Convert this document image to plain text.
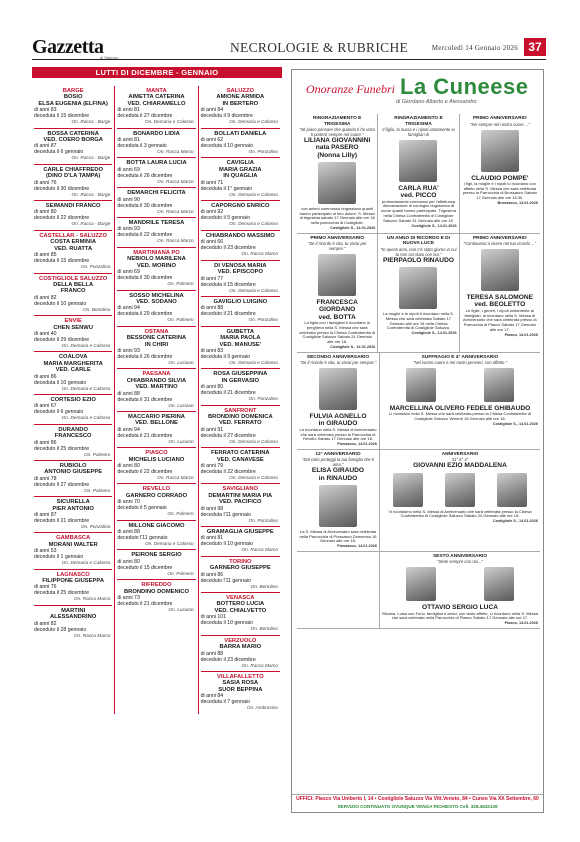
Gazzetta
di Saluzzo
NECROLOGIE & RUBRICHE	Mercoledì 14 Gennaio 2026 37
LUTTI DI DICEMBRE - GENNAIO
BARGE
BOSIO
ELSA EUGENIA (ELFINA)
di anni 83
deceduta il 15 dicembre
On. Racca - Barge
BOSSA CATERINA
VED. COERO BORGA
di anni 87
deceduta il 6 gennaio
On. Racca - Barge
CARLE CHIAFFREDO
(DINO D'LA TAMPA)
di anni 76
deceduto il 30 dicembre
On. Racca - Barge
SEIMANDI FRANCO
di anni 80
deceduto il 22 dicembre
On. Racca - Barge
CASTELLAR - SALUZZO
COSTA ERMINIA
VED. RUATTA
di anni 85
deceduta il 15 dicembre
On. Ponzalino
COSTIGLIOLE SALUZZO
DELLA BELLA
FRANCO
di anni 82
deceduto il 10 gennaio
On. Bertolino
ENVIE
CHEN SENWU
di anni 40
deceduto il 29 dicembre
On. Demaria e Calosso
COALOVA
MARIA MARGHERITA
VED. CARLE
di anni 86
deceduta il 10 gennaio
On. Demaria e Calosso
CORTESIO EZIO
di anni 67
deceduto il 6 gennaio
On. Demaria e Calosso
DURANDO
FRANCESCO
di anni 86
deceduto il 25 dicembre
On. Palmero
RUBIOLO
ANTONIO GIUSEPPE
di anni 78
deceduto il 27 dicembre
On. Palmero
SICURELLA
PIER ANTONIO
di anni 87
deceduto il 21 dicembre
On. Ponzalino
GAMBASCA
MORANI WALTER
di anni 53
deceduto il 1 gennaio
On. Demaria e Calosso
LAGNASCO
FILIPPONE GIUSEPPA
di anni 76
deceduta il 25 dicembre
On. Racca Marco
MARTINI
ALESSANDRINO
di anni 82
deceduto il 28 gennaio
On. Racca Marco
MANTA
AIMETTA CATERINA
VED. CHIARAMELLO
di anni 81
deceduta il 27 dicembre
On. Demaria e Calosso
BONARDO LIDIA
di anni 81
deceduta il 3 gennaio
On. Racca Marco
BOTTA LAURA LUCIA
di anni 69
deceduta il 26 dicembre
On. Racca Marco
DEMARCHI FELICITA
di anni 90
deceduta il 30 dicembre
On. Racca Marco
MANDRILE TERESA
di anni 93
deceduta il 22 dicembre
On. Racca Marco
MARTINIANA PO
NEBIOLO MARILENA
VED. MORINO
di anni 69
deceduta il 30 dicembre
On. Palmero
SOSSO MICHELINA
VED. SODANO
di anni 94
deceduta il 29 dicembre
On. Palmero
OSTANA
BESSONE CATERINA
IN CHIRI
di anni 93
deceduta il 26 dicembre
On. Luciano
PAESANA
CHIABRANDO SILVIA
VED. MARTINO
di anni 88
deceduta il 31 dicembre
On. Luciano
MACCARIO PIERINA
VED. BELLONE
di anni 94
deceduta il 21 dicembre
On. Luciano
PIASCO
MICHELIS LUCIANO
di anni 80
deceduto il 22 dicembre
On. Racca Marco
REVELLO
GARNERO CORRADO
di anni 70
deceduto il 5 gennaio
On. Palmero
MILLONE GIACOMO
di anni 88
deceduto l'11 gennaio
On. Demaria e Calosso
PEIRONE SERGIO
di anni 80
deceduto il 15 dicembre
On. Palmero
RIFREDDO
BRONDINO DOMENICO
di anni 73
deceduto il 21 dicembre
On. Luciano
SALUZZO
AMIONE ARMIDA
IN BERTERO
di anni 84
deceduta il 9 dicembre
On. Demaria e Calosso
BOLLATI DANIELA
di anni 62
deceduta il 10 gennaio
On. Ponzalino
CAVIGLIA
MARIA GRAZIA
IN QUAGLIA
di anni 71
deceduta il 1° gennaio
On. Demaria e Calosso
CAPORGNO ENRICO
di anni 92
deceduto il 5 gennaio
On. Demaria e Calosso
CHIABRANDO MASSIMO
di anni 66
deceduto il 23 dicembre
On. Racca Marco
DI VENOSA MARIA
VED. EPISCOPO
di anni 77
deceduta il 15 dicembre
On. Demaria e Calosso
GAVIGLIO LUIGINO
di anni 88
deceduto il 21 dicembre
On. Ponzalino
GUBETTA
MARIA PAOLA
VED. MANUSE'
di anni 83
deceduta il 9 gennaio
On. Demaria e Calosso
ROSA GIUSEPPINA
IN GERVASIO
di anni 80
deceduta il 21 dicembre
On. Ponzalino
SANFRONT
BRONDINO DOMENICA
VED. FERRATO
di anni 91
deceduta il 27 dicembre
On. Demaria e Calosso
FERRATO CATERINA
VED. CANAVESE
di anni 79
deceduta il 22 dicembre
On. Demaria e Calosso
SAVIGLIANO
DEMARTINI MARIA PIA
VED. PACIFICO
di anni 98
deceduta l'11 gennaio
On. Ponzalino
GRAMAGLIA GIUSEPPE
di anni 81
deceduto il 10 gennaio
On. Racca Marco
TORINO
GARNERO GIUSEPPE
di anni 86
deceduto l'11 gennaio
On. Bertolino
VENASCA
BOTTERO LUCIA
VED. CHIALVETTO
di anni 101
deceduta il 10 gennaio
On. Bertolino
VERZUOLO
BARRA MARIO
di anni 88
deceduto il 23 dicembre
On. Racca Marco
VILLAFALLETTO
SASIA ROSA
SUOR BEPPINA
di anni 84
deceduta il 7 gennaio
On. Ambrosino
Onoranze Funebri La Cuneese
di Giordano Alberto e Alessandro
RINGRAZIAMENTO E TRIGESIMA
"Mi piace pensare che quando ti ho vista ti porterò sempre nel cuore."
LILIANA GIOVANNINI
nata PASERO
(Nonna Lilly)
con animo commosso ringraziano quanti hanno partecipato al loro dolore. S. Messa di trigesima sabato 17 Gennaio alle ore 18 nella parrocchia di Costigliole.
Costigliole S., 14.01.2026
RINGRAZIAMENTO E TRIGESIMA
Il figlio, la nuora e i nipoti unitamente ai famigliari di
CARLA RUA'
ved. PICCO
profondamente commossi per l'affettuosa dimostrazione di cordoglio ringraziano di cuore quanti hanno partecipato. Trigesima nella Chiesa Confraternita di Costigliole Saluzzo Sabato 31 Gennaio alle ore 18.
Costigliole S., 14.01.2026
PRIMO ANNIVERSARIO
"Sei sempre nel nostro cuore ..."
CLAUDIO POMPE'
I figli, la moglie e i nipoti lo ricordano con affetto nella S. Messa che sarà celebrata presso la Parrocchia di Brossasco Sabato 17 Gennaio alle ore 18.30.
Brossasco, 14.01.2026
PRIMO ANNIVERSARIO
"Se il ricordo è vita, tu vivrai per sempre."
FRANCESCA
GIORDANO
ved. BOTTA
La figlia con i famigliari ti ricordano in preghiera nella S. Messa che sarà celebrata presso la Chiesa Confraternita di Costigliole Saluzzo Sabato 24 Gennaio alle ore 18.
Costigliole S., 14.01.2026
UN ANNO DI RICORDO E DI NUOVA LUCE
"In questi anni, non c'è stato giorno in cui tu non sia stato con noi."
PIERPAOLO RINAUDO
La moglie e le nipoti ti ricordano nella S. Messa che sarà celebrata Sabato 17 Gennaio alle ore 18 nella Chiesa Confraternita di Costigliole Saluzzo.
Costigliole S., 14.01.2026
PRIMO ANNIVERSARIO
"Continuerai a vivere nel tuo ricordo ..."
TERESA SALOMONE
ved. BEOLETTO
Le figlie, i generi, i nipoti unitamente ai famigliari, la ricordano nella S. Messa di Anniversario che sarà celebrata presso la Parrocchia di Piasco Sabato 17 Gennaio alle ore 17.
Piasco, 14.01.2026
SECONDO ANNIVERSARIO
"Se il ricordo è vita, tu vivrai per sempre."
FULVIA AGNELLO
in GIRAUDO
La ricordano nella S. Messa di Anniversario che sarà celebrata presso la Parrocchia di Revello Sabato 17 Gennaio alle ore 18.
Piossasco, 14.01.2026
SUFFRAGIO E 4° ANNIVERSARIO
"Nel vostro cuore e nei nostri pensieri, con affetto."
MARCELLINA OLIVERO FEDELE GHIBAUDO
Li ricordano nella S. Messa che sarà celebrata presso la Chiesa Confraternita di Costigliole Saluzzo Venerdì 16 Gennaio alle ore 18.
Costigliole S., 14.01.2026
12° ANNIVERSARIO
"Dal cielo proteggi la tua famiglia che ti ama."
ELISA GIRAUDO
in RINAUDO
La S. Messa di Anniversario sarà celebrata nella Parrocchia di Piossasco Domenica 18 Gennaio alle ore 18.
Piossasco, 14.01.2026
ANNIVERSARIO
31° 6° 4°
GIOVANNI EZIO MADDALENA
Vi ricordiamo nella S. Messa di Anniversario che sarà celebrata presso la Chiesa Confraternita di Costigliole Saluzzo Sabato 24 Gennaio alle ore 18.
Costigliole S., 14.01.2026
SESTO ANNIVERSARIO
"Siete sempre con noi..."
OTTAVIO SERGIO LUCA
Silvana, Luisa con Furio, famigliari e amici, con tanto affetto, Li ricordano nella S. Messa che sarà celebrata nella Parrocchia di Piasco Sabato 17 Gennaio alle ore 17.
Piasco, 14.01.2026
UFFICI: Piasco Via Umberto I, 14 • Costigliole Saluzzo Via Vitt.Veneto, 84 • Cuneo Via XX Settembre, 60
SERVIZIO CONTINUATO OVUNQUE VENGA RICHIESTO Cell. 328.4632139
